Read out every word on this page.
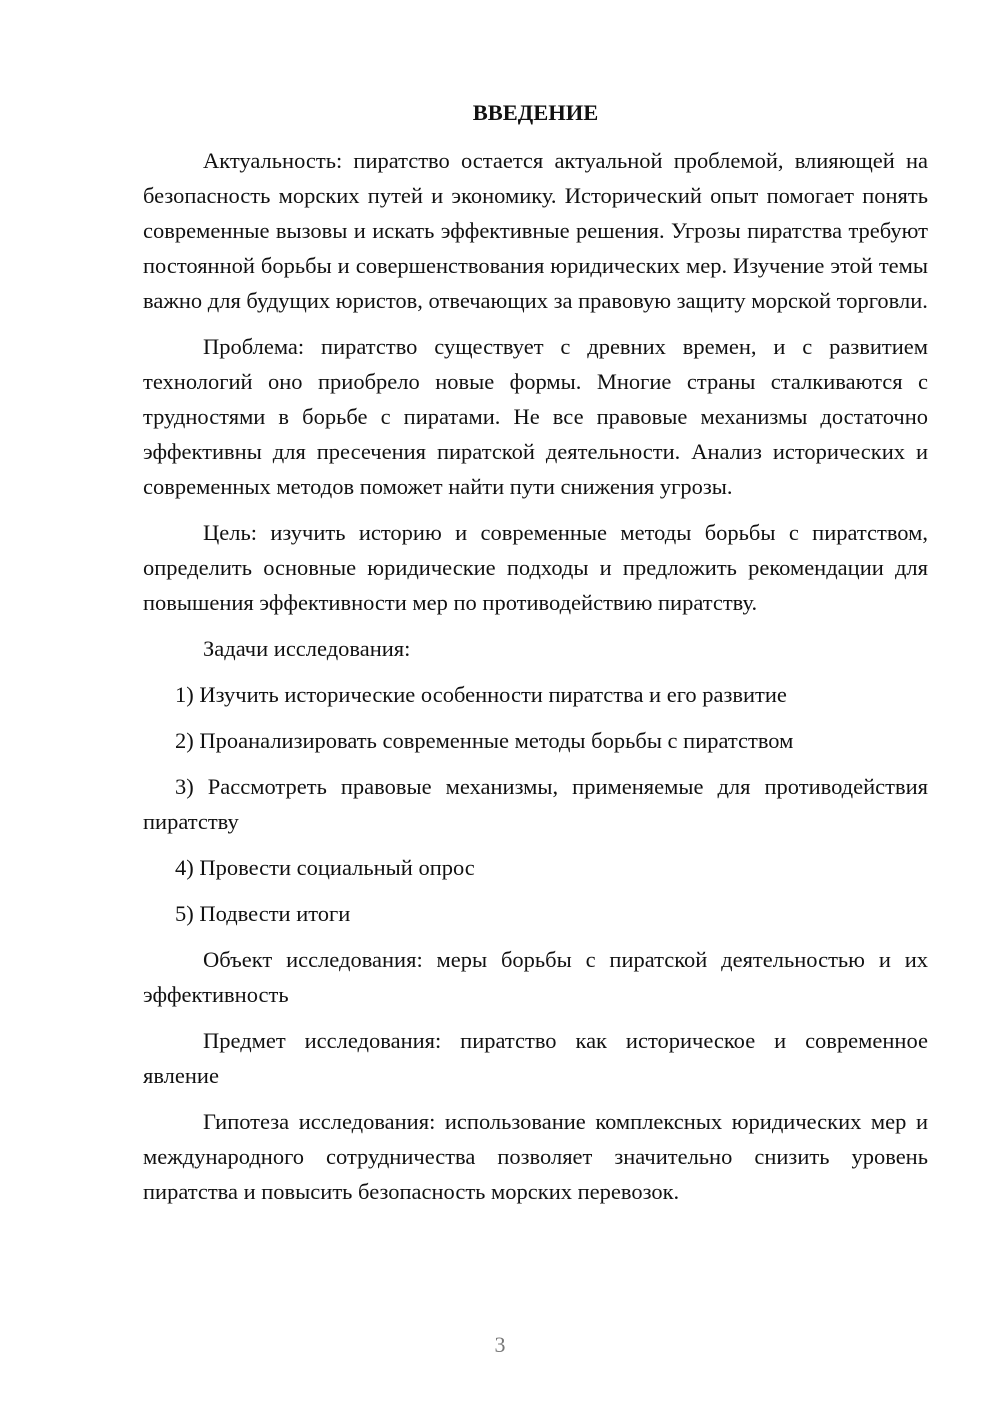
ВВЕДЕНИЕ

Актуальность: пиратство остается актуальной проблемой, влияющей на безопасность морских путей и экономику. Исторический опыт помогает понять современные вызовы и искать эффективные решения. Угрозы пиратства требуют постоянной борьбы и совершенствования юридических мер. Изучение этой темы важно для будущих юристов, отвечающих за правовую защиту морской торговли.

Проблема: пиратство существует с древних времен, и с развитием технологий оно приобрело новые формы. Многие страны сталкиваются с трудностями в борьбе с пиратами. Не все правовые механизмы достаточно эффективны для пресечения пиратской деятельности. Анализ исторических и современных методов поможет найти пути снижения угрозы.

Цель: изучить историю и современные методы борьбы с пиратством, определить основные юридические подходы и предложить рекомендации для повышения эффективности мер по противодействию пиратству.

Задачи исследования:

1) Изучить исторические особенности пиратства и его развитие

2) Проанализировать современные методы борьбы с пиратством

3) Рассмотреть правовые механизмы, применяемые для противодействия пиратству

4) Провести социальный опрос

5) Подвести итоги

Объект исследования: меры борьбы с пиратской деятельностью и их эффективность

Предмет исследования: пиратство как историческое и современное явление

Гипотеза исследования: использование комплексных юридических мер и международного сотрудничества позволяет значительно снизить уровень пиратства и повысить безопасность морских перевозок.

3
